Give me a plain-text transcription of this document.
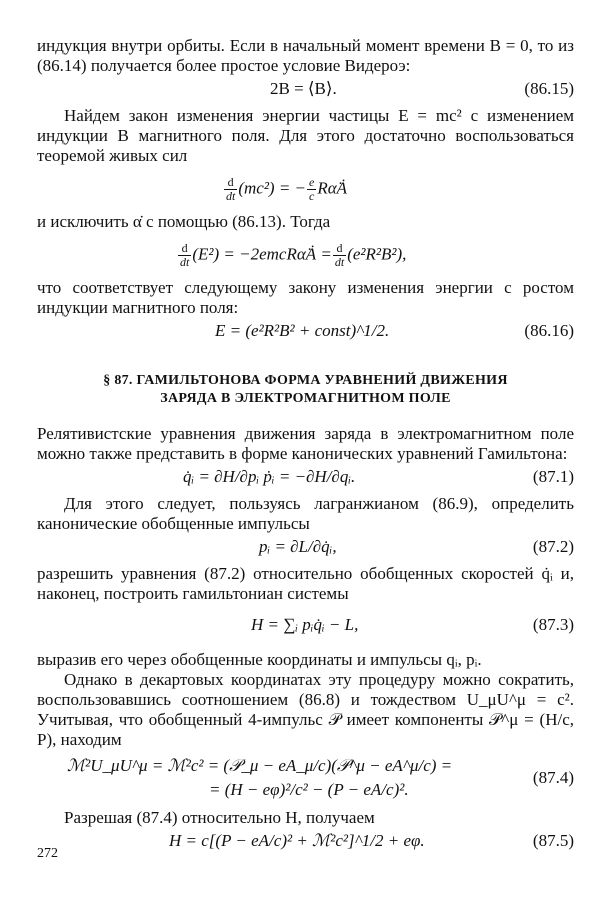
индукция внутри орбиты. Если в начальный момент времени B = 0, то из (86.14) получается более простое условие Видероэ:

2B = ⟨B⟩.	(86.15)

Найдем закон изменения энергии частицы E = mc² с изменением индукции B магнитного поля. Для этого достаточно воспользоваться теоремой живых сил

$\frac{d}{dt} (mc^2)$ = − $\frac{e}{c}$ Rα̇Ȧ

и исключить α̇ с помощью (86.13). Тогда

$\frac{d}{dt} (E^2)$ = −2emcRα̇Ȧ = $\frac{d}{dt} (e^2R^2B^2)$,

что соответствует следующему закону изменения энергии с ростом индукции магнитного поля:

E = (e²R²B² + const)^1/2.	(86.16)
§ 87. ГАМИЛЬТОНОВА ФОРМА УРАВНЕНИЙ ДВИЖЕНИЯ
ЗАРЯДА В ЭЛЕКТРОМАГНИТНОМ ПОЛЕ

Релятивистские уравнения движения заряда в электромагнитном поле можно также представить в форме канонических уравнений Гамильтона:

q̇ᵢ = ∂H/∂pᵢ ṗᵢ = −∂H/∂qᵢ.	(87.1)

Для этого следует, пользуясь лагранжианом (86.9), определить канонические обобщенные импульсы

pᵢ = ∂L/∂q̇ᵢ,	(87.2)

разрешить уравнения (87.2) относительно обобщенных скоростей q̇ᵢ и, наконец, построить гамильтониан системы

H = ∑ᵢ pᵢq̇ᵢ − L,	(87.3)

выразив его через обобщенные координаты и импульсы qᵢ, pᵢ.

Однако в декартовых координатах эту процедуру можно сократить, воспользовавшись соотношением (86.8) и тождеством U_μU^μ = c². Учитывая, что обобщенный 4-импульс 𝒫 имеет компоненты 𝒫^μ = (H/c, P), находим

ℳ²U_μU^μ = ℳ²c² = (𝒫_μ − eA_μ/c)(𝒫^μ − eA^μ/c) =
= (H − eφ)²/c² − (P − eA/c)².
(87.4)

Разрешая (87.4) относительно H, получаем

H = c[(P − eA/c)² + ℳ²c²]^1/2 + eφ.	(87.5)
272
